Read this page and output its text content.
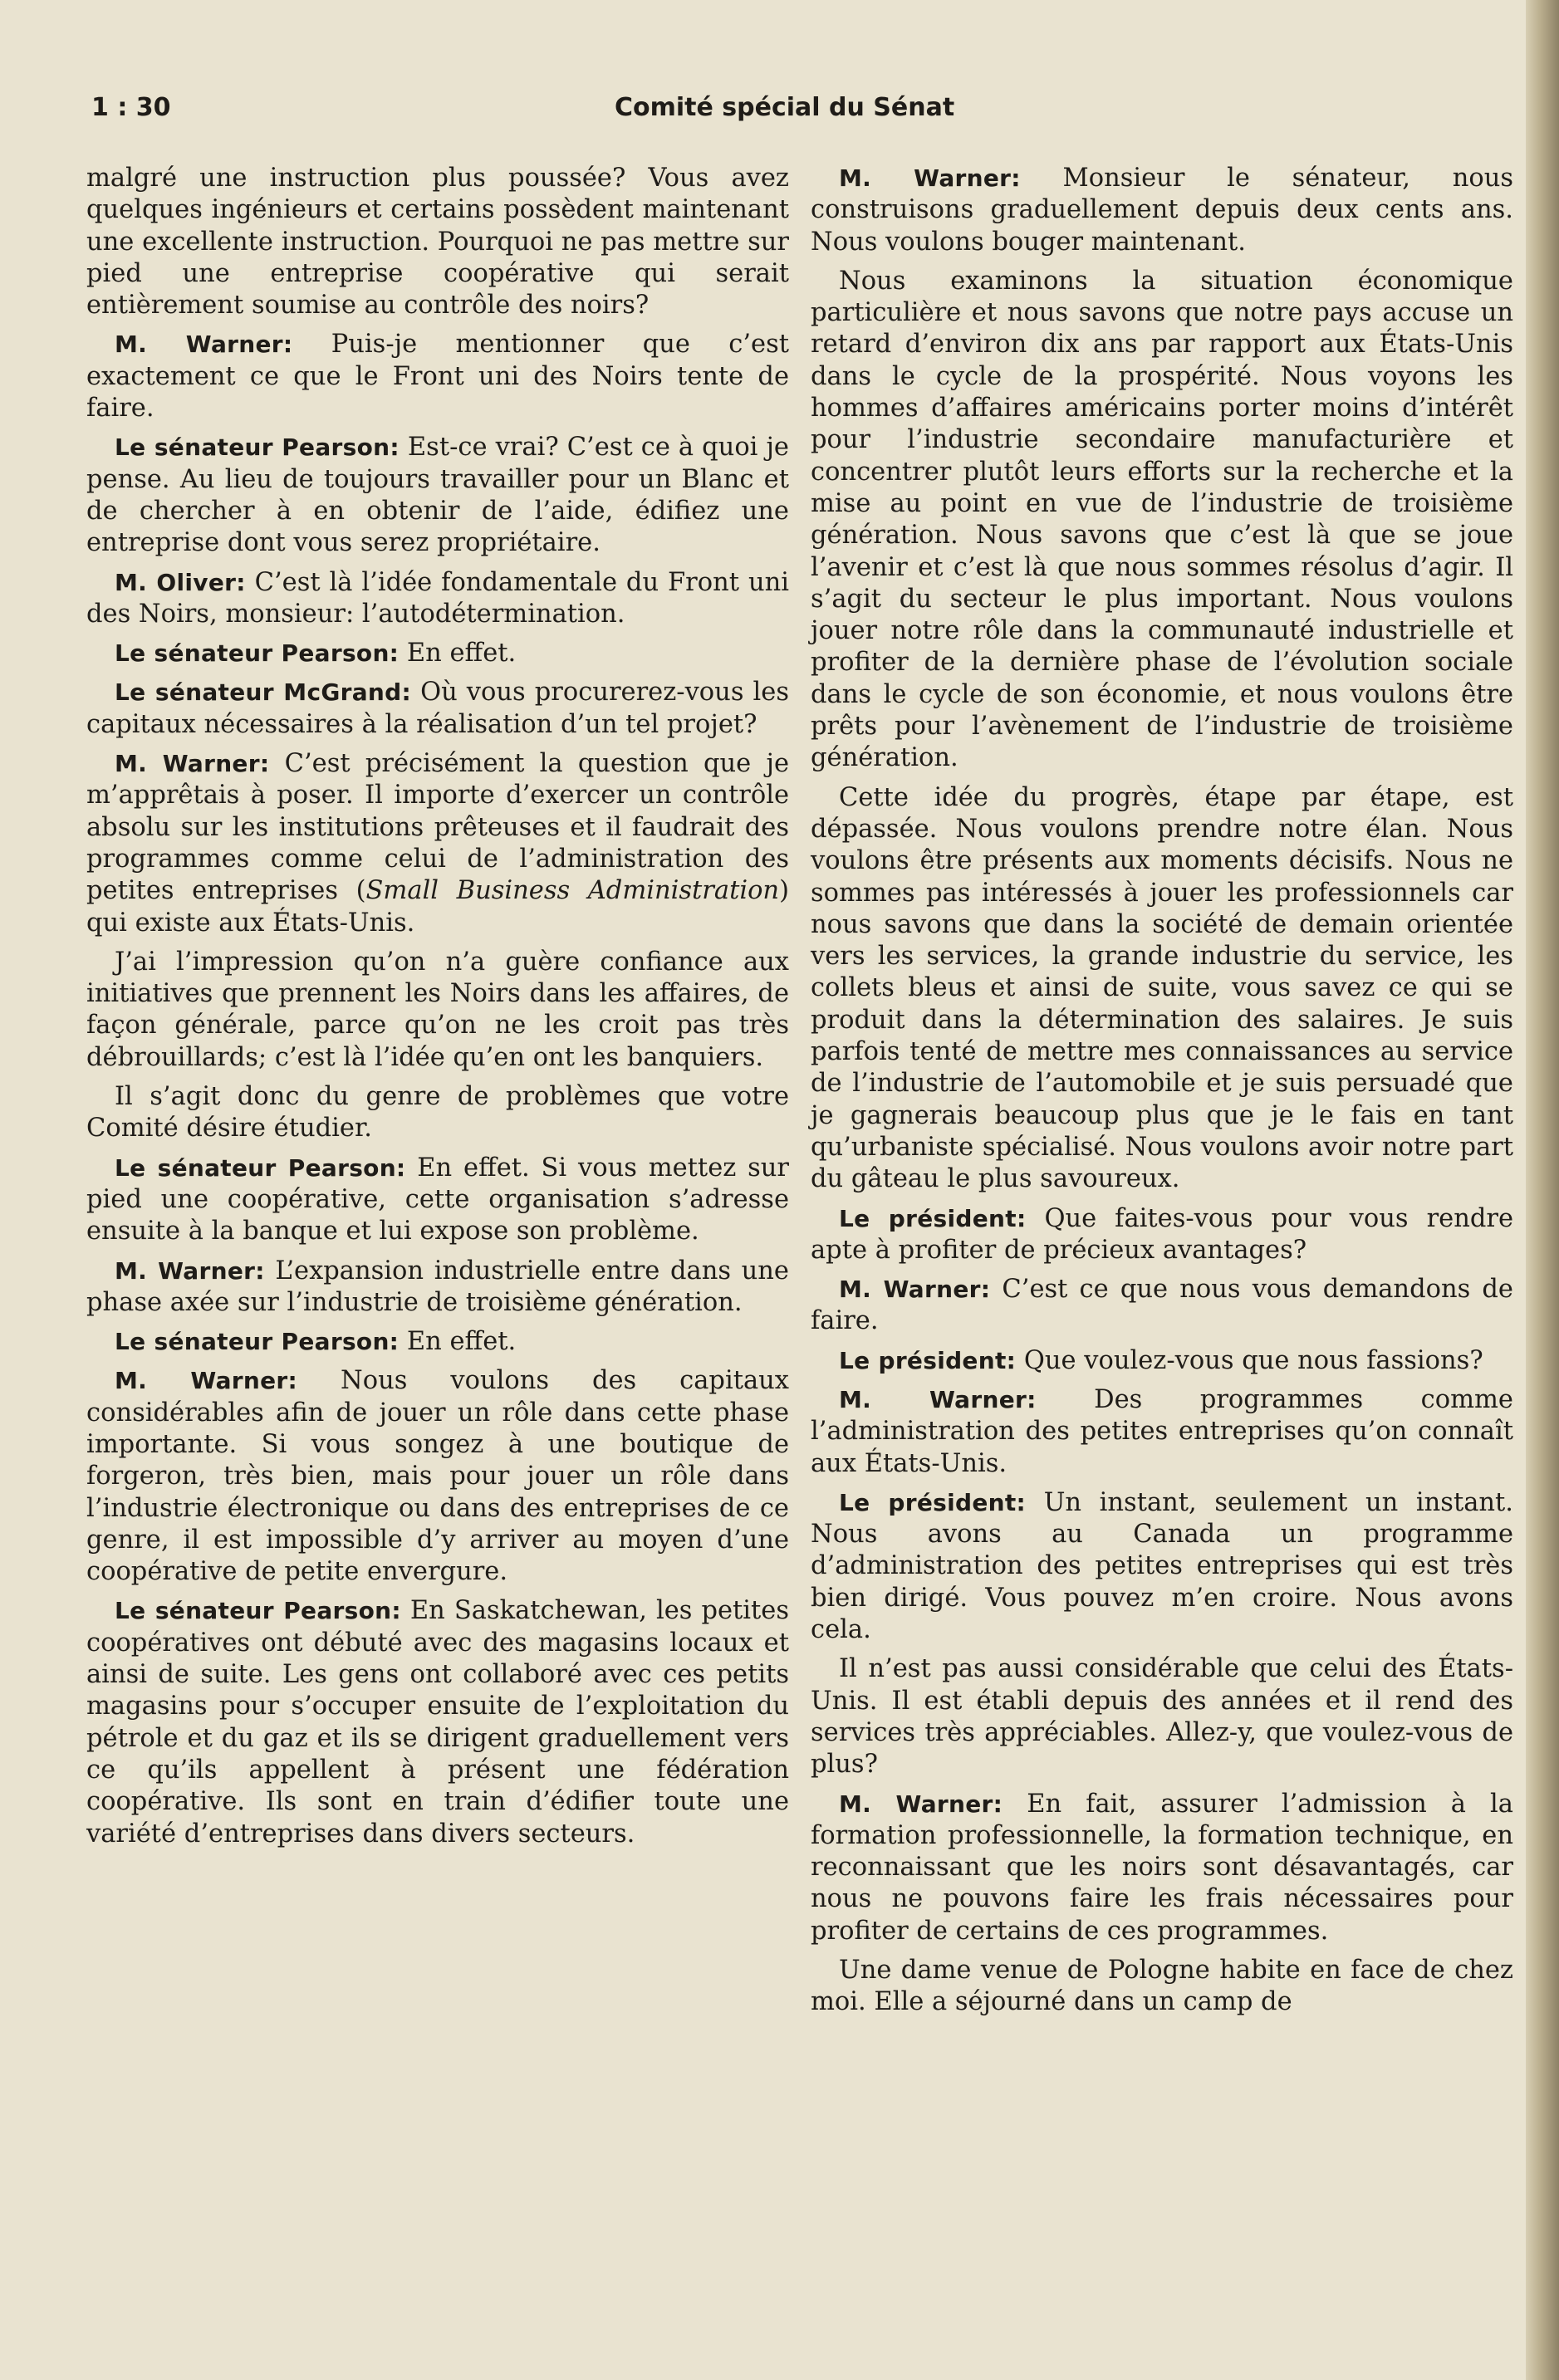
1 : 30	Comité spécial du Sénat

malgré une instruction plus poussée? Vous avez quelques ingénieurs et certains possèdent maintenant une excellente instruction. Pourquoi ne pas mettre sur pied une entreprise coopérative qui serait entièrement soumise au contrôle des noirs?

M. Warner: Puis-je mentionner que c’est exactement ce que le Front uni des Noirs tente de faire.

Le sénateur Pearson: Est-ce vrai? C’est ce à quoi je pense. Au lieu de toujours travailler pour un Blanc et de chercher à en obtenir de l’aide, édifiez une entreprise dont vous serez propriétaire.

M. Oliver: C’est là l’idée fondamentale du Front uni des Noirs, monsieur: l’autodétermination.

Le sénateur Pearson: En effet.

Le sénateur McGrand: Où vous procurerez-vous les capitaux nécessaires à la réalisation d’un tel projet?

M. Warner: C’est précisément la question que je m’apprêtais à poser. Il importe d’exercer un contrôle absolu sur les institutions prêteuses et il faudrait des programmes comme celui de l’administration des petites entreprises (Small Business Administration) qui existe aux États-Unis.

J’ai l’impression qu’on n’a guère confiance aux initiatives que prennent les Noirs dans les affaires, de façon générale, parce qu’on ne les croit pas très débrouillards; c’est là l’idée qu’en ont les banquiers.

Il s’agit donc du genre de problèmes que votre Comité désire étudier.

Le sénateur Pearson: En effet. Si vous mettez sur pied une coopérative, cette organisation s’adresse ensuite à la banque et lui expose son problème.

M. Warner: L’expansion industrielle entre dans une phase axée sur l’industrie de troisième génération.

Le sénateur Pearson: En effet.

M. Warner: Nous voulons des capitaux considérables afin de jouer un rôle dans cette phase importante. Si vous songez à une boutique de forgeron, très bien, mais pour jouer un rôle dans l’industrie électronique ou dans des entreprises de ce genre, il est impossible d’y arriver au moyen d’une coopérative de petite envergure.

Le sénateur Pearson: En Saskatchewan, les petites coopératives ont débuté avec des magasins locaux et ainsi de suite. Les gens ont collaboré avec ces petits magasins pour s’occuper ensuite de l’exploitation du pétrole et du gaz et ils se dirigent graduellement vers ce qu’ils appellent à présent une fédération coopérative. Ils sont en train d’édifier toute une variété d’entreprises dans divers secteurs.

M. Warner: Monsieur le sénateur, nous construisons graduellement depuis deux cents ans. Nous voulons bouger maintenant.

Nous examinons la situation économique particulière et nous savons que notre pays accuse un retard d’environ dix ans par rapport aux États-Unis dans le cycle de la prospérité. Nous voyons les hommes d’affaires américains porter moins d’intérêt pour l’industrie secondaire manufacturière et concentrer plutôt leurs efforts sur la recherche et la mise au point en vue de l’industrie de troisième génération. Nous savons que c’est là que se joue l’avenir et c’est là que nous sommes résolus d’agir. Il s’agit du secteur le plus important. Nous voulons jouer notre rôle dans la communauté industrielle et profiter de la dernière phase de l’évolution sociale dans le cycle de son économie, et nous voulons être prêts pour l’avènement de l’industrie de troisième génération.

Cette idée du progrès, étape par étape, est dépassée. Nous voulons prendre notre élan. Nous voulons être présents aux moments décisifs. Nous ne sommes pas intéressés à jouer les professionnels car nous savons que dans la société de demain orientée vers les services, la grande industrie du service, les collets bleus et ainsi de suite, vous savez ce qui se produit dans la détermination des salaires. Je suis parfois tenté de mettre mes connaissances au service de l’industrie de l’automobile et je suis persuadé que je gagnerais beaucoup plus que je le fais en tant qu’urbaniste spécialisé. Nous voulons avoir notre part du gâteau le plus savoureux.

Le président: Que faites-vous pour vous rendre apte à profiter de précieux avantages?

M. Warner: C’est ce que nous vous demandons de faire.

Le président: Que voulez-vous que nous fassions?

M. Warner: Des programmes comme l’administration des petites entreprises qu’on connaît aux États-Unis.

Le président: Un instant, seulement un instant. Nous avons au Canada un programme d’administration des petites entreprises qui est très bien dirigé. Vous pouvez m’en croire. Nous avons cela.

Il n’est pas aussi considérable que celui des États-Unis. Il est établi depuis des années et il rend des services très appréciables. Allez-y, que voulez-vous de plus?

M. Warner: En fait, assurer l’admission à la formation professionnelle, la formation technique, en reconnaissant que les noirs sont désavantagés, car nous ne pouvons faire les frais nécessaires pour profiter de certains de ces programmes.

Une dame venue de Pologne habite en face de chez moi. Elle a séjourné dans un camp de
